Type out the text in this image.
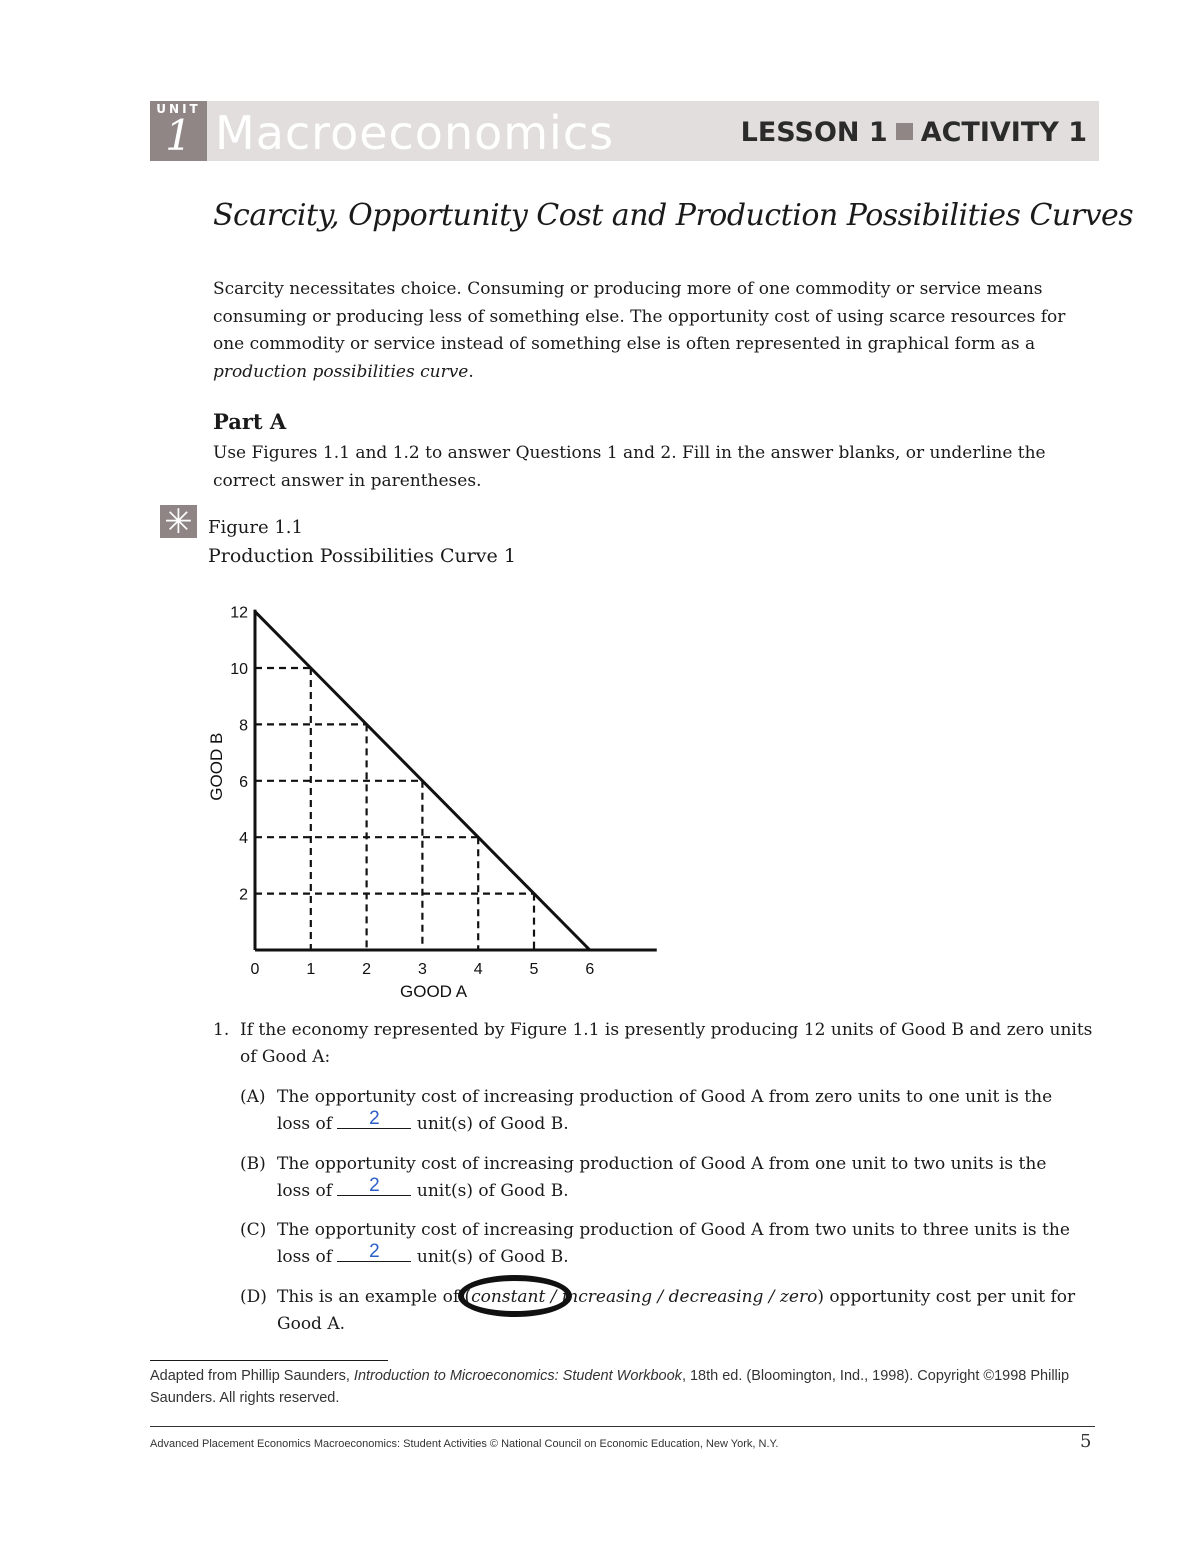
UNIT
1 Macroeconomics	LESSON 1 ACTIVITY 1
Scarcity, Opportunity Cost and Production Possibilities Curves
Scarcity necessitates choice. Consuming or producing more of one commodity or service means consuming or producing less of something else. The opportunity cost of using scarce resources for one commodity or service instead of something else is often represented in graphical form as a production possibilities curve.
Part A
Use Figures 1.1 and 1.2 to answer Questions 1 and 2. Fill in the answer blanks, or underline the correct answer in parentheses.
✳ Figure 1.1
Production Possibilities Curve 1
2
4
6
8
10
12
0	1	2	3	4	5	6
GOOD A
GOOD B
1. If the economy represented by Figure 1.1 is presently producing 12 units of Good B and zero units of Good A:
(A) The opportunity cost of increasing production of Good A from zero units to one unit is the
loss of	2	unit(s) of Good B.
(B) The opportunity cost of increasing production of Good A from one unit to two units is the
loss of	2	unit(s) of Good B.
(C) The opportunity cost of increasing production of Good A from two units to three units is the
loss of	2	unit(s) of Good B.
(D) This is an example of (constant / increasing / decreasing / zero) opportunity cost per unit for
Good A.
Adapted from Phillip Saunders, Introduction to Microeconomics: Student Workbook, 18th ed. (Bloomington, Ind., 1998). Copyright ©1998 Phillip Saunders. All rights reserved.
Advanced Placement Economics Macroeconomics: Student Activities © National Council on Economic Education, New York, N.Y.	5
